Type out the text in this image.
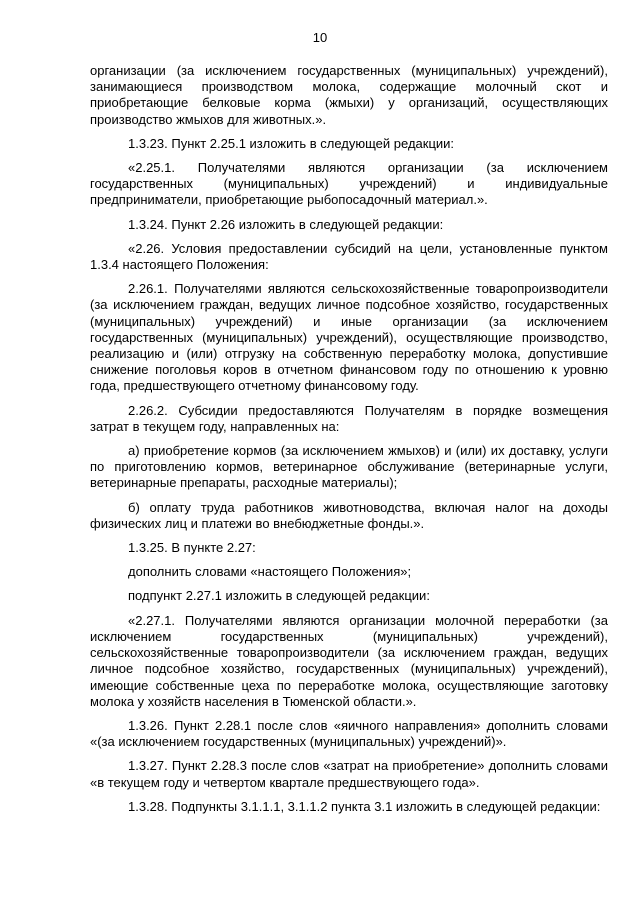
10

организации (за исключением государственных (муниципальных) учреждений), занимающиеся производством молока, содержащие молочный скот и приобретающие белковые корма (жмыхи) у организаций, осуществляющих производство жмыхов для животных.».

1.3.23. Пункт 2.25.1 изложить в следующей редакции:

«2.25.1. Получателями являются организации (за исключением государственных (муниципальных) учреждений) и индивидуальные предприниматели, приобретающие рыбопосадочный материал.».

1.3.24. Пункт 2.26 изложить в следующей редакции:

«2.26. Условия предоставлении субсидий на цели, установленные пунктом 1.3.4 настоящего Положения:

2.26.1. Получателями являются сельскохозяйственные товаропроизводители (за исключением граждан, ведущих личное подсобное хозяйство, государственных (муниципальных) учреждений) и иные организации (за исключением государственных (муниципальных) учреждений), осуществляющие производство, реализацию и (или) отгрузку на собственную переработку молока, допустившие снижение поголовья коров в отчетном финансовом году по отношению к уровню года, предшествующего отчетному финансовому году.

2.26.2. Субсидии предоставляются Получателям в порядке возмещения затрат в текущем году, направленных на:

а) приобретение кормов (за исключением жмыхов) и (или) их доставку, услуги по приготовлению кормов, ветеринарное обслуживание (ветеринарные услуги, ветеринарные препараты, расходные материалы);

б) оплату труда работников животноводства, включая налог на доходы физических лиц и платежи во внебюджетные фонды.».

1.3.25. В пункте 2.27:

дополнить словами «настоящего Положения»;

подпункт 2.27.1 изложить в следующей редакции:

«2.27.1. Получателями являются организации молочной переработки (за исключением государственных (муниципальных) учреждений), сельскохозяйственные товаропроизводители (за исключением граждан, ведущих личное подсобное хозяйство, государственных (муниципальных) учреждений), имеющие собственные цеха по переработке молока, осуществляющие заготовку молока у хозяйств населения в Тюменской области.».

1.3.26. Пункт 2.28.1 после слов «яичного направления» дополнить словами «(за исключением государственных (муниципальных) учреждений)».

1.3.27. Пункт 2.28.3 после слов «затрат на приобретение» дополнить словами «в текущем году и четвертом квартале предшествующего года».

1.3.28. Подпункты 3.1.1.1, 3.1.1.2 пункта 3.1 изложить в следующей редакции:
